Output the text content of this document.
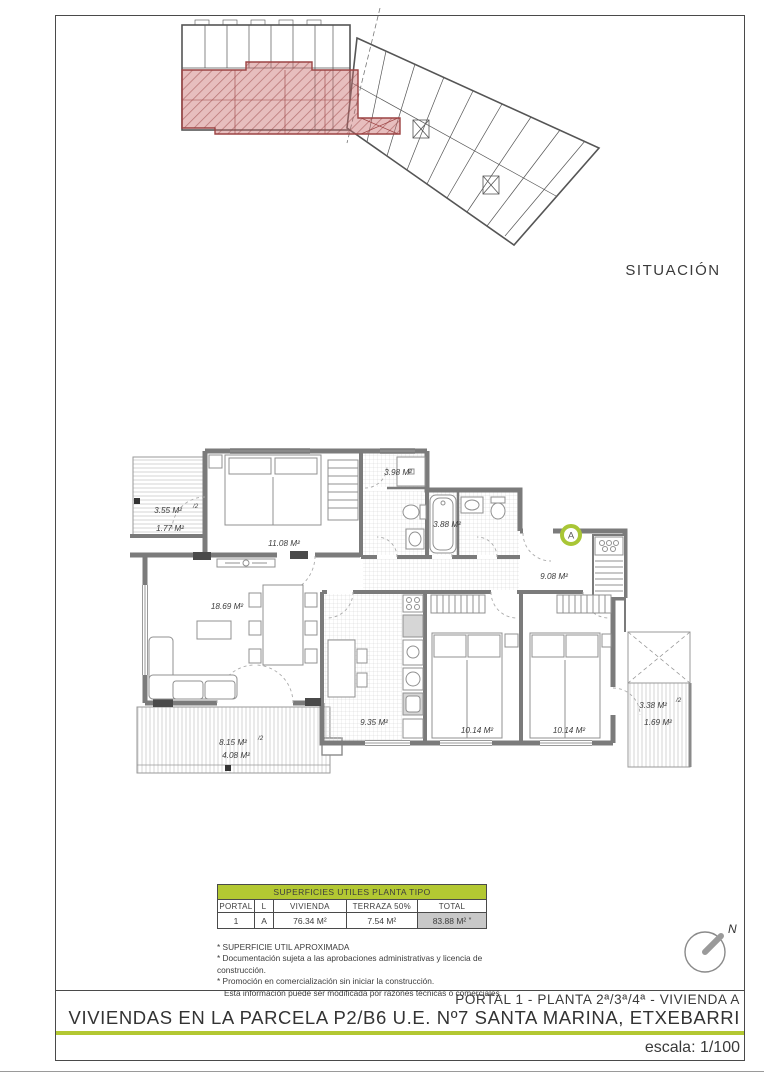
SITUACIÓN
A
3.55 M² /2
1.77 M²
11.08 M²
3.98 M²
3.88 M²
9.08 M²
18.69 M²
9.35 M²
10.14 M²	10.14 M²
3.38 M²
/2
1.69 M²
8.15 M² /2
4.08 M²
SUPERFICIES UTILES PLANTA TIPO				
PORTAL	L	VIVIENDA	TERRAZA 50%	TOTAL
1	A	76.34 M²	7.54 M²	83.88 M² *
* SUPERFICIE UTIL APROXIMADA
* Documentación sujeta a las aprobaciones administrativas y licencia de construcción.
* Promoción en comercialización sin iniciar la construcción.
Esta información puede ser modificada por razones técnicas o comerciales.
N
PORTAL 1 - PLANTA 2ª/3ª/4ª - VIVIENDA A
VIVIENDAS EN LA PARCELA P2/B6 U.E. Nº7 SANTA MARINA, ETXEBARRI
escala: 1/100
